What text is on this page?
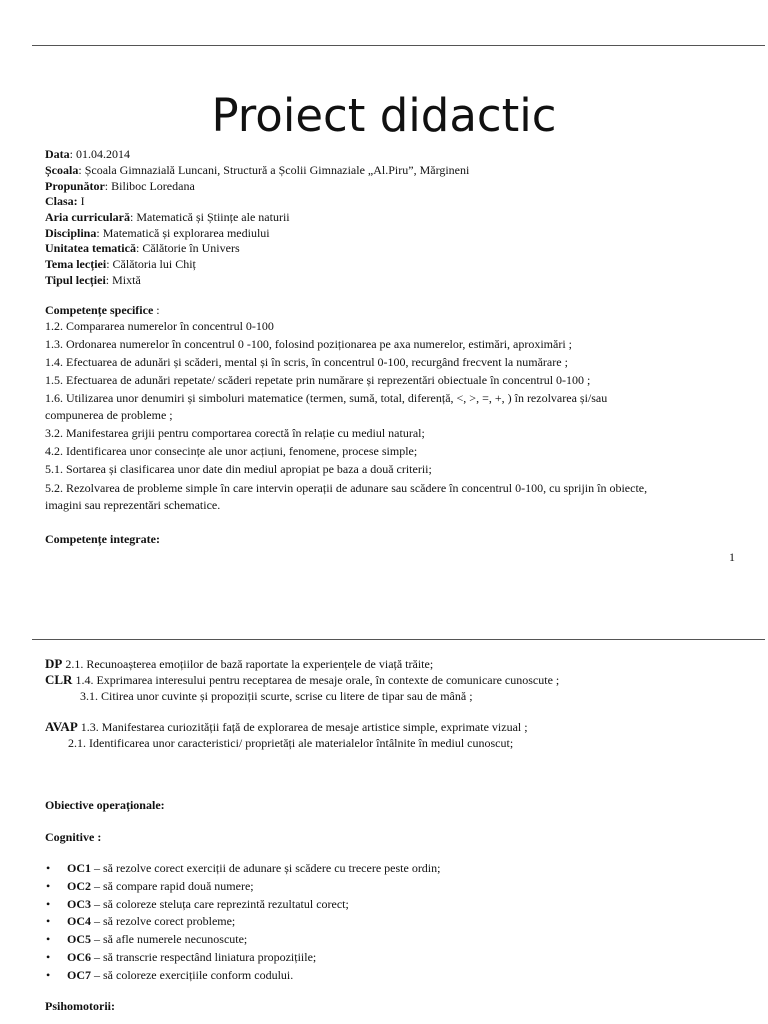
Proiect didactic
Data: 01.04.2014
Școala: Școala Gimnazială Luncani, Structură a Școlii Gimnaziale „Al.Piru”, Mărgineni
Propunător: Biliboc Loredana
Clasa: I
Aria curriculară: Matematică și Științe ale naturii
Disciplina: Matematică și explorarea mediului
Unitatea tematică: Călătorie în Univers
Tema lecției: Călătoria lui Chiț
Tipul lecției: Mixtă
Competențe specifice :
1.2. Compararea numerelor în concentrul 0-100
1.3. Ordonarea numerelor în concentrul 0 -100, folosind poziționarea pe axa numerelor, estimări, aproximări ;
1.4. Efectuarea de adunări și scăderi, mental și în scris, în concentrul 0-100, recurgând frecvent la numărare ;
1.5. Efectuarea de adunări repetate/ scăderi repetate prin numărare și reprezentări obiectuale în concentrul 0-100 ;
1.6. Utilizarea unor denumiri și simboluri matematice (termen, sumă, total, diferență, <, >, =, +, ) în rezolvarea și/sau
compunerea de probleme ;
3.2. Manifestarea grijii pentru comportarea corectă în relație cu mediul natural;
4.2. Identificarea unor consecințe ale unor acțiuni, fenomene, procese simple;
5.1. Sortarea și clasificarea unor date din mediul apropiat pe baza a două criterii;
5.2. Rezolvarea de probleme simple în care intervin operații de adunare sau scădere în concentrul 0-100, cu sprijin în obiecte,
imagini sau reprezentări schematice.
Competențe integrate:
1
DP 2.1. Recunoașterea emoțiilor de bază raportate la experiențele de viață trăite;
CLR 1.4. Exprimarea interesului pentru receptarea de mesaje orale, în contexte de comunicare cunoscute ;
3.1. Citirea unor cuvinte și propoziții scurte, scrise cu litere de tipar sau de mână ;
AVAP 1.3. Manifestarea curiozității față de explorarea de mesaje artistice simple, exprimate vizual ;
2.1. Identificarea unor caracteristici/ proprietăți ale materialelor întâlnite în mediul cunoscut;
Obiective operaționale:
Cognitive :
• OC1 – să rezolve corect exerciții de adunare și scădere cu trecere peste ordin;
• OC2 – să compare rapid două numere;
• OC3 – să coloreze steluța care reprezintă rezultatul corect;
• OC4 – să rezolve corect probleme;
• OC5 – să afle numerele necunoscute;
• OC6 – să transcrie respectând liniatura propozițiile;
• OC7 – să coloreze exercițiile conform codului.
Psihomotorii:
